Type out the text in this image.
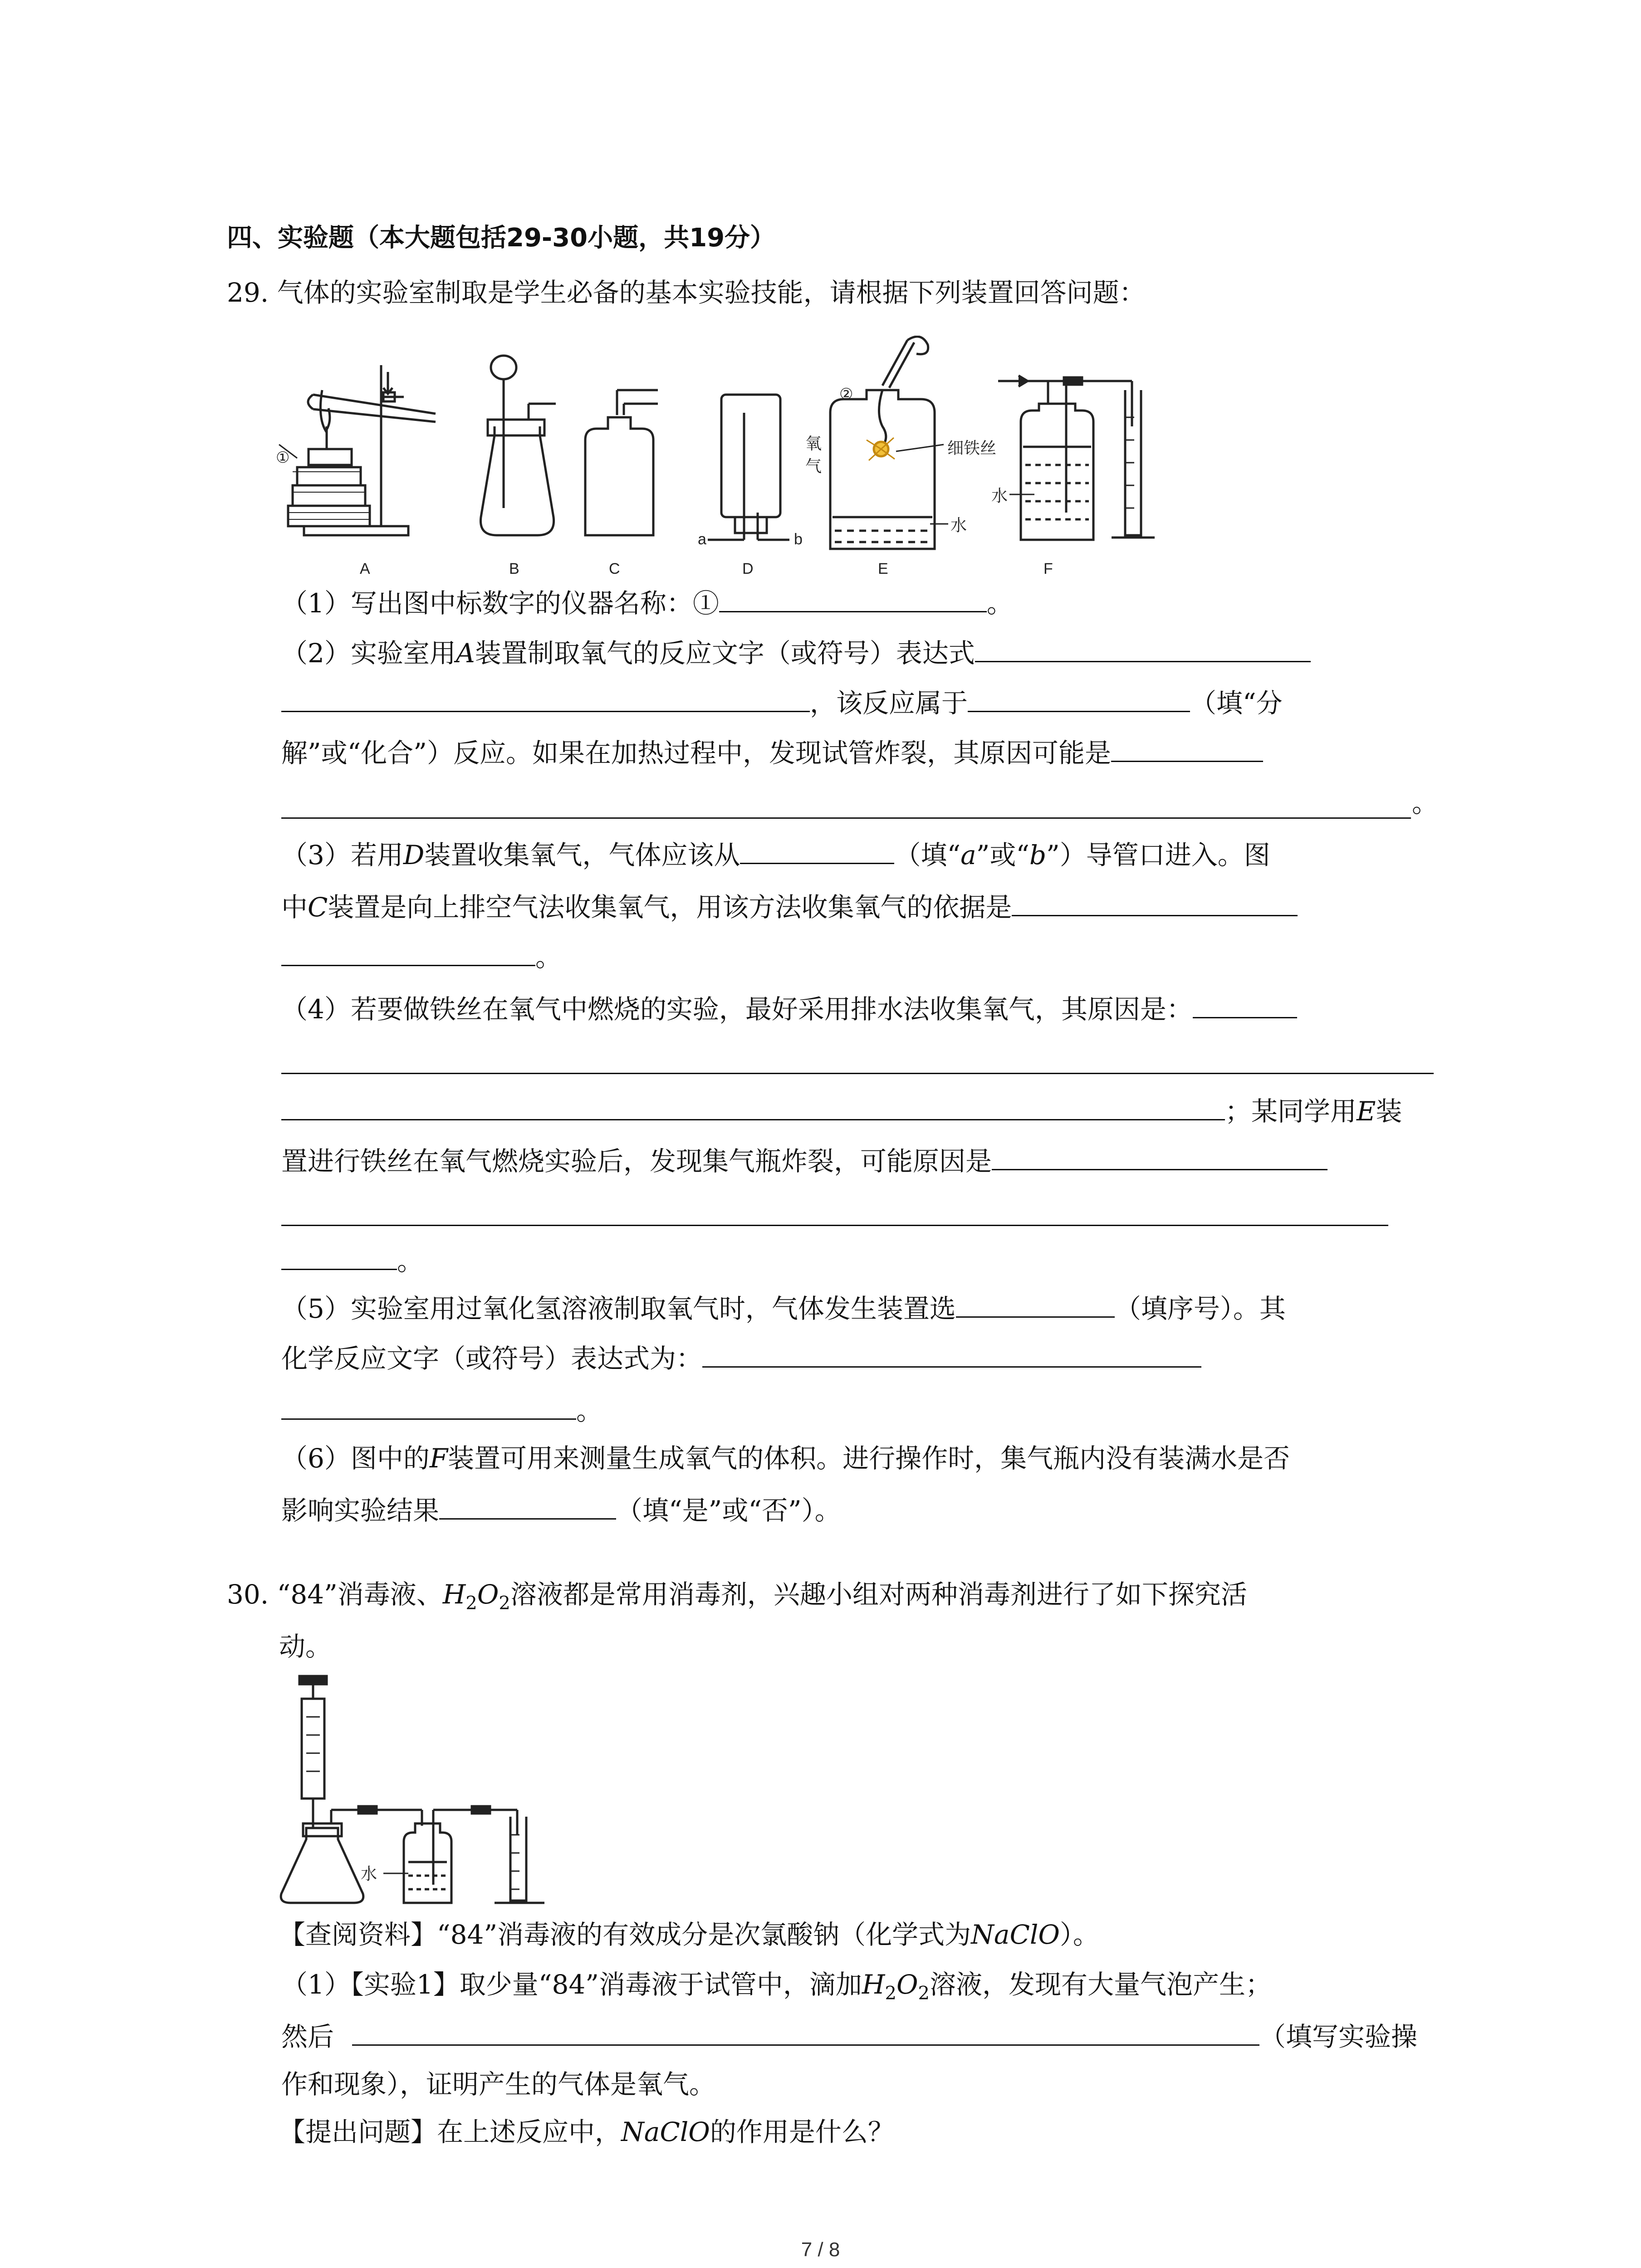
四、实验题（本大题包括29-30小题，共19分）
29. 气体的实验室制取是学生必备的基本实验技能，请根据下列装置回答问题：
①
②
a	b
氧
气
细铁丝
水
水
A	B	C	D	E	F
（1）写出图中标数字的仪器名称：①	。
（2）实验室用A装置制取氧气的反应文字（或符号）表达式
，该反应属于	（填“分
解”或“化合”）反应。如果在加热过程中，发现试管炸裂，其原因可能是
。
（3）若用D装置收集氧气，气体应该从	（填“a”或“b”）导管口进入。图
中C装置是向上排空气法收集氧气，用该方法收集氧气的依据是
。
（4）若要做铁丝在氧气中燃烧的实验，最好采用排水法收集氧气，其原因是：
；某同学用E装
置进行铁丝在氧气燃烧实验后，发现集气瓶炸裂，可能原因是
。
（5）实验室用过氧化氢溶液制取氧气时，气体发生装置选	（填序号）。其
化学反应文字（或符号）表达式为：
。
（6）图中的F装置可用来测量生成氧气的体积。进行操作时，集气瓶内没有装满水是否
影响实验结果	（填“是”或“否”）。
30. “84”消毒液、$H_2O_2$溶液都是常用消毒剂，兴趣小组对两种消毒剂进行了如下探究活
动。
水
【查阅资料】“84”消毒液的有效成分是次氯酸钠（化学式为NaClO）。
（1）【实验1】取少量“84”消毒液于试管中，滴加$H_2O_2$溶液，发现有大量气泡产生；
然后	（填写实验操
作和现象），证明产生的气体是氧气。
【提出问题】在上述反应中，NaClO的作用是什么？
7 / 8
